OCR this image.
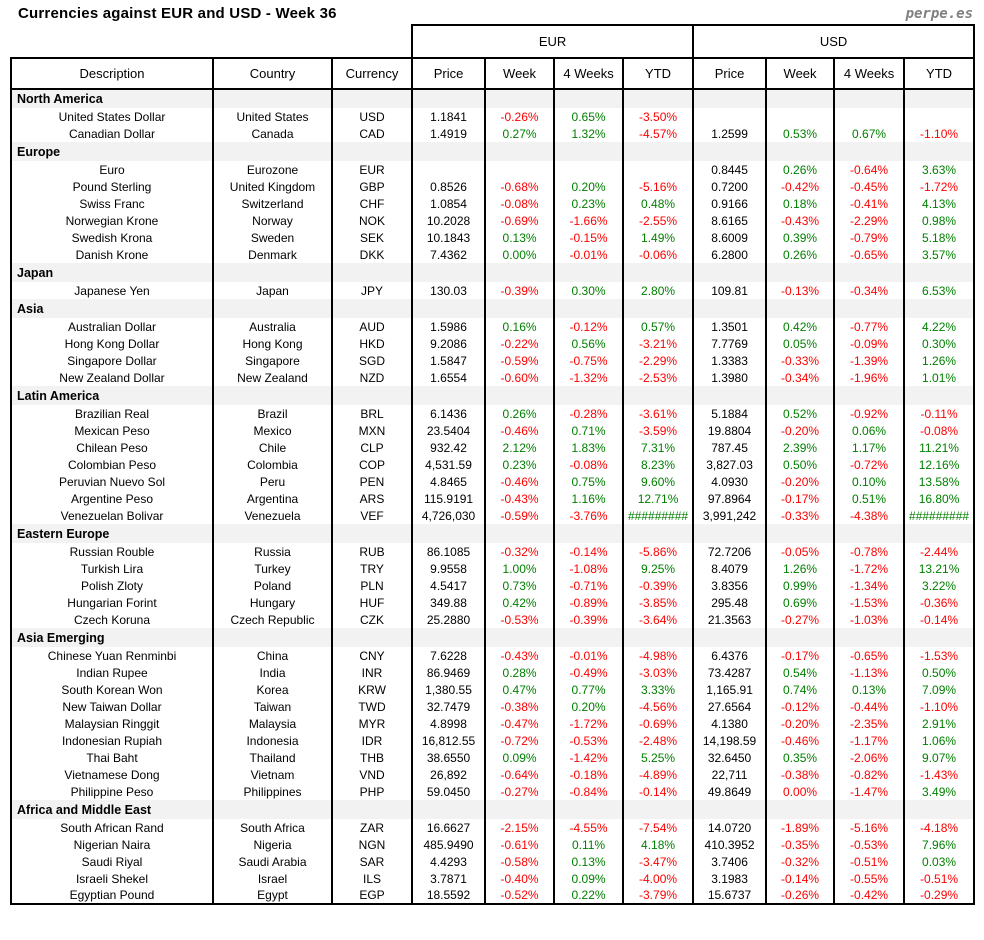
Currencies against EUR and USD - Week 36	perpe.es
			EUR				USD			
Description	Country	Currency	Price	Week	4 Weeks	YTD	Price	Week	4 Weeks	YTD
North America										
United States Dollar	United States	USD	1.1841	-0.26%	0.65%	-3.50%				
Canadian Dollar	Canada	CAD	1.4919	0.27%	1.32%	-4.57%	1.2599	0.53%	0.67%	-1.10%
Europe										
Euro	Eurozone	EUR					0.8445	0.26%	-0.64%	3.63%
Pound Sterling	United Kingdom	GBP	0.8526	-0.68%	0.20%	-5.16%	0.7200	-0.42%	-0.45%	-1.72%
Swiss Franc	Switzerland	CHF	1.0854	-0.08%	0.23%	0.48%	0.9166	0.18%	-0.41%	4.13%
Norwegian Krone	Norway	NOK	10.2028	-0.69%	-1.66%	-2.55%	8.6165	-0.43%	-2.29%	0.98%
Swedish Krona	Sweden	SEK	10.1843	0.13%	-0.15%	1.49%	8.6009	0.39%	-0.79%	5.18%
Danish Krone	Denmark	DKK	7.4362	0.00%	-0.01%	-0.06%	6.2800	0.26%	-0.65%	3.57%
Japan										
Japanese Yen	Japan	JPY	130.03	-0.39%	0.30%	2.80%	109.81	-0.13%	-0.34%	6.53%
Asia										
Australian Dollar	Australia	AUD	1.5986	0.16%	-0.12%	0.57%	1.3501	0.42%	-0.77%	4.22%
Hong Kong Dollar	Hong Kong	HKD	9.2086	-0.22%	0.56%	-3.21%	7.7769	0.05%	-0.09%	0.30%
Singapore Dollar	Singapore	SGD	1.5847	-0.59%	-0.75%	-2.29%	1.3383	-0.33%	-1.39%	1.26%
New Zealand Dollar	New Zealand	NZD	1.6554	-0.60%	-1.32%	-2.53%	1.3980	-0.34%	-1.96%	1.01%
Latin America										
Brazilian Real	Brazil	BRL	6.1436	0.26%	-0.28%	-3.61%	5.1884	0.52%	-0.92%	-0.11%
Mexican Peso	Mexico	MXN	23.5404	-0.46%	0.71%	-3.59%	19.8804	-0.20%	0.06%	-0.08%
Chilean Peso	Chile	CLP	932.42	2.12%	1.83%	7.31%	787.45	2.39%	1.17%	11.21%
Colombian Peso	Colombia	COP	4,531.59	0.23%	-0.08%	8.23%	3,827.03	0.50%	-0.72%	12.16%
Peruvian Nuevo Sol	Peru	PEN	4.8465	-0.46%	0.75%	9.60%	4.0930	-0.20%	0.10%	13.58%
Argentine Peso	Argentina	ARS	115.9191	-0.43%	1.16%	12.71%	97.8964	-0.17%	0.51%	16.80%
Venezuelan Bolivar	Venezuela	VEF	4,726,030	-0.59%	-3.76%	#########	3,991,242	-0.33%	-4.38%	#########
Eastern Europe										
Russian Rouble	Russia	RUB	86.1085	-0.32%	-0.14%	-5.86%	72.7206	-0.05%	-0.78%	-2.44%
Turkish Lira	Turkey	TRY	9.9558	1.00%	-1.08%	9.25%	8.4079	1.26%	-1.72%	13.21%
Polish Zloty	Poland	PLN	4.5417	0.73%	-0.71%	-0.39%	3.8356	0.99%	-1.34%	3.22%
Hungarian Forint	Hungary	HUF	349.88	0.42%	-0.89%	-3.85%	295.48	0.69%	-1.53%	-0.36%
Czech Koruna	Czech Republic	CZK	25.2880	-0.53%	-0.39%	-3.64%	21.3563	-0.27%	-1.03%	-0.14%
Asia Emerging										
Chinese Yuan Renminbi	China	CNY	7.6228	-0.43%	-0.01%	-4.98%	6.4376	-0.17%	-0.65%	-1.53%
Indian Rupee	India	INR	86.9469	0.28%	-0.49%	-3.03%	73.4287	0.54%	-1.13%	0.50%
South Korean Won	Korea	KRW	1,380.55	0.47%	0.77%	3.33%	1,165.91	0.74%	0.13%	7.09%
New Taiwan Dollar	Taiwan	TWD	32.7479	-0.38%	0.20%	-4.56%	27.6564	-0.12%	-0.44%	-1.10%
Malaysian Ringgit	Malaysia	MYR	4.8998	-0.47%	-1.72%	-0.69%	4.1380	-0.20%	-2.35%	2.91%
Indonesian Rupiah	Indonesia	IDR	16,812.55	-0.72%	-0.53%	-2.48%	14,198.59	-0.46%	-1.17%	1.06%
Thai Baht	Thailand	THB	38.6550	0.09%	-1.42%	5.25%	32.6450	0.35%	-2.06%	9.07%
Vietnamese Dong	Vietnam	VND	26,892	-0.64%	-0.18%	-4.89%	22,711	-0.38%	-0.82%	-1.43%
Philippine Peso	Philippines	PHP	59.0450	-0.27%	-0.84%	-0.14%	49.8649	0.00%	-1.47%	3.49%
Africa and Middle East										
South African Rand	South Africa	ZAR	16.6627	-2.15%	-4.55%	-7.54%	14.0720	-1.89%	-5.16%	-4.18%
Nigerian Naira	Nigeria	NGN	485.9490	-0.61%	0.11%	4.18%	410.3952	-0.35%	-0.53%	7.96%
Saudi Riyal	Saudi Arabia	SAR	4.4293	-0.58%	0.13%	-3.47%	3.7406	-0.32%	-0.51%	0.03%
Israeli Shekel	Israel	ILS	3.7871	-0.40%	0.09%	-4.00%	3.1983	-0.14%	-0.55%	-0.51%
Egyptian Pound	Egypt	EGP	18.5592	-0.52%	0.22%	-3.79%	15.6737	-0.26%	-0.42%	-0.29%
